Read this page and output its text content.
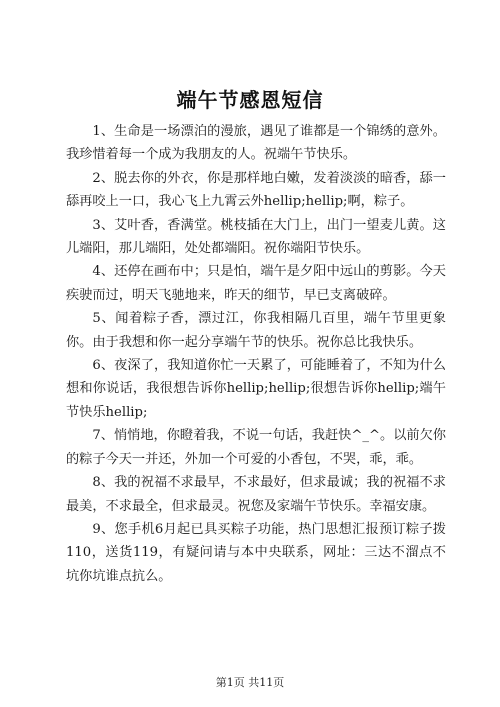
端午节感恩短信

1、生命是一场漂泊的漫旅，遇见了谁都是一个锦绣的意外。我珍惜着每一个成为我朋友的人。祝端午节快乐。

2、脱去你的外衣，你是那样地白嫩，发着淡淡的暗香，舔一舔再咬上一口，我心飞上九霄云外hellip;hellip;啊，粽子。

3、艾叶香，香满堂。桃枝插在大门上，出门一望麦儿黄。这儿端阳，那儿端阳，处处都端阳。祝你端阳节快乐。

4、还停在画布中；只是怕，端午是夕阳中远山的剪影。今天疾驶而过，明天飞驰地来，昨天的细节，早已支离破碎。

5、闻着粽子香，漂过江，你我相隔几百里，端午节里更象你。由于我想和你一起分享端午节的快乐。祝你总比我快乐。

6、夜深了，我知道你忙一天累了，可能睡着了，不知为什么想和你说话，我很想告诉你hellip;hellip;很想告诉你hellip;端午节快乐hellip;

7、悄悄地，你瞪着我，不说一句话，我赶快^_^。以前欠你的粽子今天一并还，外加一个可爱的小香包，不哭，乖，乖。

8、我的祝福不求最早，不求最好，但求最诚；我的祝福不求最美，不求最全，但求最灵。祝您及家端午节快乐。幸福安康。

9、您手机6月起已具买粽子功能，热门思想汇报预订粽子拨110，送货119，有疑问请与本中央联系，网址：三达不溜点不坑你坑谁点抗么。

第1页 共11页
